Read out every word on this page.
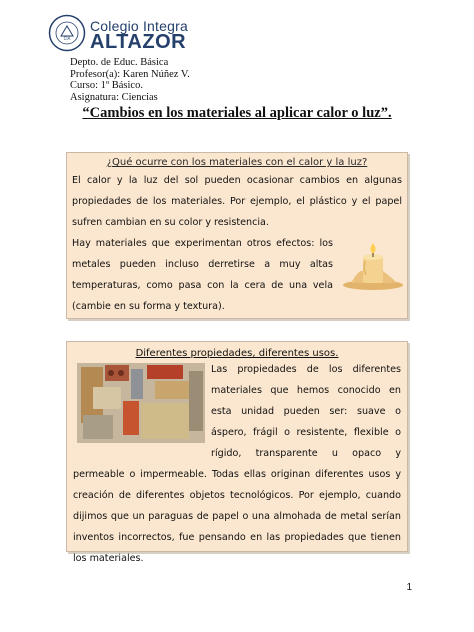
CIA
Colegio Integra
ALTAZOR
Depto. de Educ. Básica
Profesor(a): Karen Núñez V.
Curso: 1º Básico.
Asignatura: Ciencias
“Cambios en los materiales al aplicar calor o luz”.
¿Qué ocurre con los materiales con el calor y la luz?
El calor y la luz del sol pueden ocasionar cambios en algunas propiedades de los materiales. Por ejemplo, el plástico y el papel sufren cambian en su color y resistencia.
Hay materiales que experimentan otros efectos: los metales pueden incluso derretirse a muy altas temperaturas, como pasa con la cera de una vela (cambie en su forma y textura).
Diferentes propiedades, diferentes usos.
Las propiedades de los diferentes materiales que hemos conocido en esta unidad pueden ser: suave o áspero, frágil o resistente, flexible o rígido, transparente u opaco y permeable o impermeable. Todas ellas originan diferentes usos y creación de diferentes objetos tecnológicos. Por ejemplo, cuando dijimos que un paraguas de papel o una almohada de metal serían inventos incorrectos, fue pensando en las propiedades que tienen los materiales.
1
